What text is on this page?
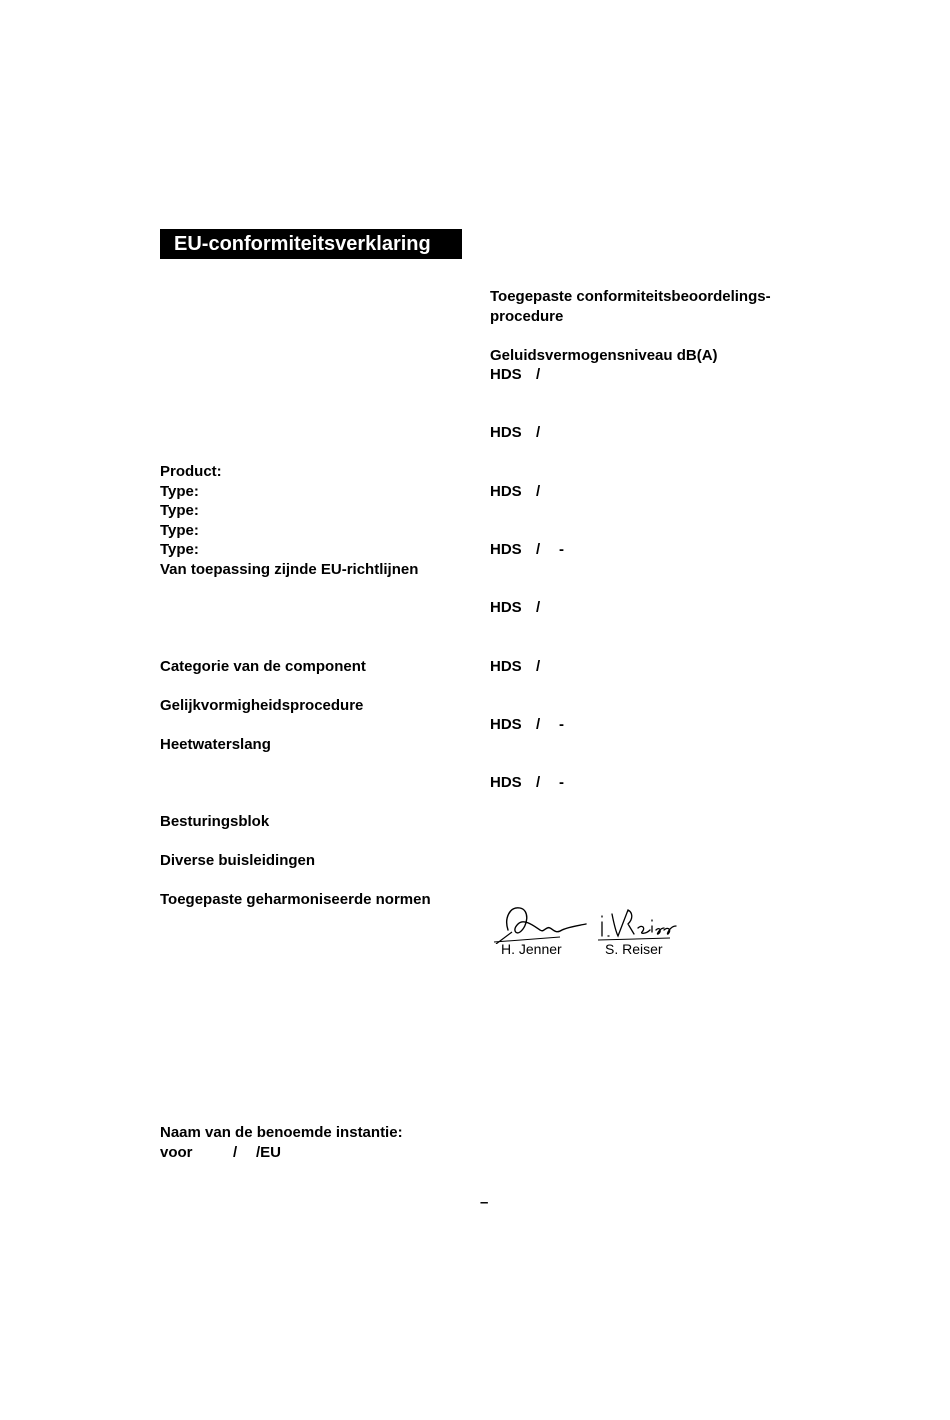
EU-conformiteitsverklaring
Product:
Type:
Type:
Type:
Type:
Van toepassing zijnde EU-richtlijnen
Categorie van de component
Gelijkvormigheidsprocedure
Heetwaterslang
Besturingsblok
Diverse buisleidingen
Toegepaste geharmoniseerde normen
Naam van de benoemde instantie:
voor	/ /EU
Toegepaste conformiteitsbeoordelings-
procedure
Geluidsvermogensniveau dB(A)
HDS /
HDS /
HDS /
HDS / -
HDS /
HDS /
HDS / -
HDS / -
H. Jenner	S. Reiser
–
